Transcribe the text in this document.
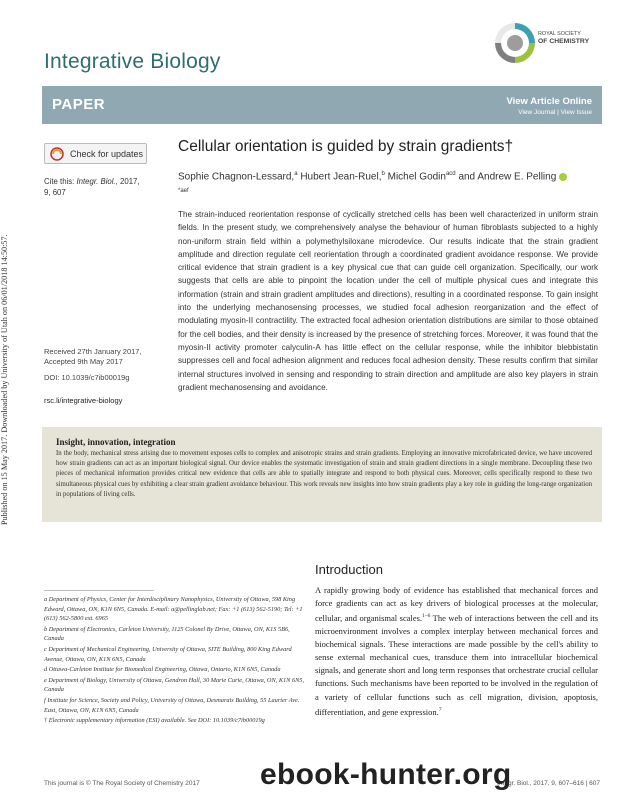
Published on 15 May 2017. Downloaded by University of Utah on 06/01/2018 14:50:57.
Integrative Biology
ROYAL SOCIETY
OF CHEMISTRY
PAPER	View Article Online
View Journal | View Issue
Check for updates
Cite this: Integr. Biol., 2017,
9, 607
Cellular orientation is guided by strain gradients†
Sophie Chagnon-Lessard,$^a$ Hubert Jean-Ruel,$^b$ Michel Godin$^{acd}$ and Andrew E. Pelling $^{*aef}$
The strain-induced reorientation response of cyclically stretched cells has been well characterized in uniform strain fields. In the present study, we comprehensively analyse the behaviour of human fibroblasts subjected to a highly non-uniform strain field within a polymethylsiloxane microdevice. Our results indicate that the strain gradient amplitude and direction regulate cell reorientation through a coordinated gradient avoidance response. We provide critical evidence that strain gradient is a key physical cue that can guide cell organization. Specifically, our work suggests that cells are able to pinpoint the location under the cell of multiple physical cues and integrate this information (strain and strain gradient amplitudes and directions), resulting in a coordinated response. To gain insight into the underlying mechanosensing processes, we studied focal adhesion reorganization and the effect of modulating myosin-II contractility. The extracted focal adhesion orientation distributions are similar to those obtained for the cell bodies, and their density is increased by the presence of stretching forces. Moreover, it was found that the myosin-II activity promoter calyculin-A has little effect on the cellular response, while the inhibitor blebbistatin suppresses cell and focal adhesion alignment and reduces focal adhesion density. These results confirm that similar internal structures involved in sensing and responding to strain direction and amplitude are also key players in strain gradient mechanosensing and avoidance.
Received 27th January 2017,
Accepted 9th May 2017
DOI: 10.1039/c7ib00019g
rsc.li/integrative-biology
Insight, innovation, integration
In the body, mechanical stress arising due to movement exposes cells to complex and anisotropic strains and strain gradients. Employing an innovative microfabricated device, we have uncovered how strain gradients can act as an important biological signal. Our device enables the systematic investigation of strain and strain gradient directions in a single membrane. Decoupling these two pieces of mechanical information provides critical new evidence that cells are able to spatially integrate and respond to both physical cues. Moreover, cells specifically respond to these two simultaneous physical cues by exhibiting a clear strain gradient avoidance behaviour. This work reveals new insights into how strain gradients play a key role in guiding the long-range organization in populations of living cells.
a Department of Physics, Center for Interdisciplinary Nanophysics, University of Ottawa, 598 King Edward, Ottawa, ON, K1N 6N5, Canada. E-mail: a@pellinglab.net; Fax: +1 (613) 562-5190; Tel: +1 (613) 562-5800 ext. 6965
b Department of Electronics, Carleton University, 1125 Colonel By Drive, Ottawa, ON, K1S 5B6, Canada
c Department of Mechanical Engineering, University of Ottawa, SITE Building, 800 King Edward Avenue, Ottawa, ON, K1N 6N5, Canada
d Ottawa-Carleton Institute for Biomedical Engineering, Ottawa, Ontario, K1N 6N5, Canada
e Department of Biology, University of Ottawa, Gendron Hall, 30 Marie Curie, Ottawa, ON, K1N 6N5, Canada
f Institute for Science, Society and Policy, University of Ottawa, Desmarais Building, 55 Laurier Ave. East, Ottawa, ON, K1N 6N5, Canada
† Electronic supplementary information (ESI) available. See DOI: 10.1039/c7ib00019g
Introduction
A rapidly growing body of evidence has established that mechanical forces and force gradients can act as key drivers of biological processes at the molecular, cellular, and organismal scales.$^{1-6}$ The web of interactions between the cell and its microenvironment involves a complex interplay between mechanical forces and biochemical signals. These interactions are made possible by the cell's ability to sense external mechanical cues, transduce them into intracellular biochemical signals, and generate short and long term responses that orchestrate crucial cellular functions. Such mechanisms have been reported to be involved in the regulation of a variety of cellular functions such as cell migration, division, apoptosis, differentiation, and gene expression.$^7$
This journal is © The Royal Society of Chemistry 2017	Integr. Biol., 2017, 9, 607–616 | 607
ebook-hunter.org
